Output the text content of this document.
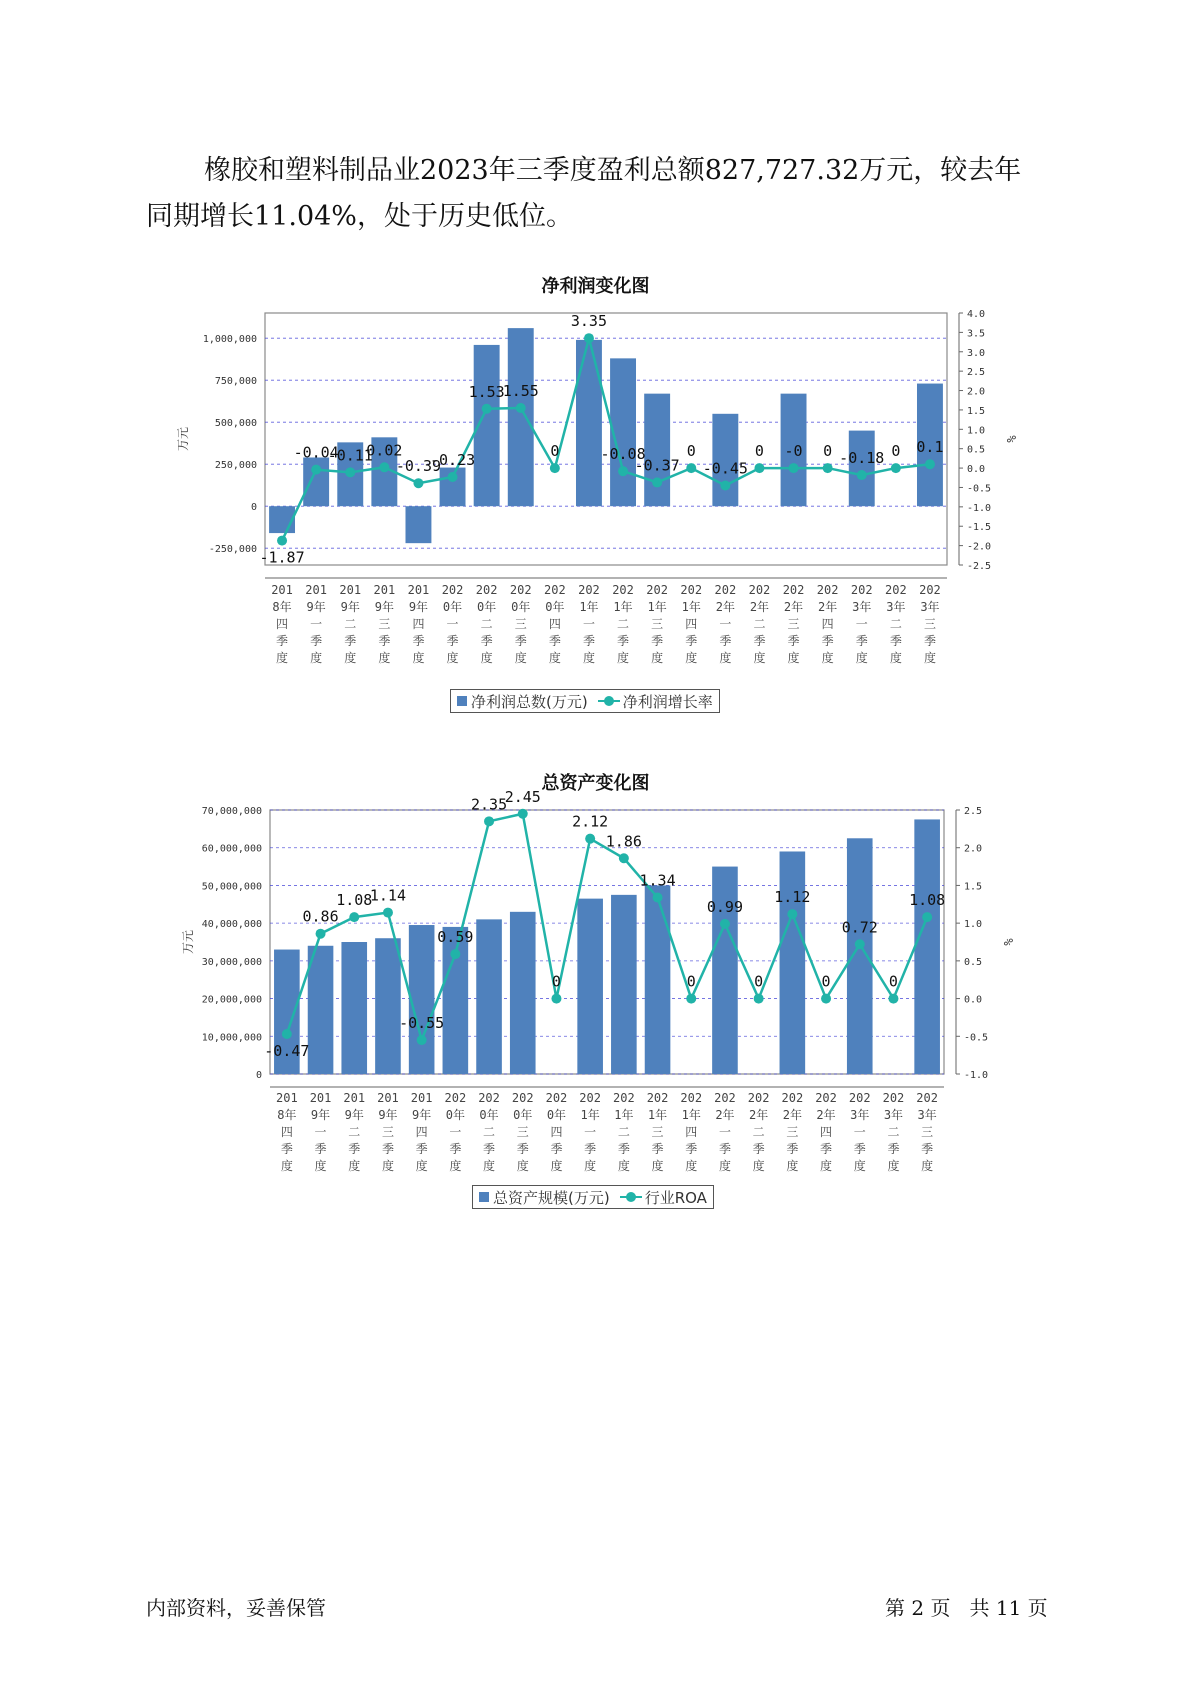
橡胶和塑料制品业2023年三季度盈利总额827,727.32万元，较去年同期增长11.04%，处于历史低位。
净利润变化图
-250,000
0
250,000
500,000
750,000
1,000,000
-2.5
-2.0
-1.5
-1.0
-0.5
0.0
0.5
1.0
1.5
2.0
2.5
3.0
3.5
4.0
万元	%
-1.87
-0.04
-0.11
0.02
-0.39
-0.23
1.53
1.55
0
3.35
-0.08
-0.37
0
-0.45
0 -0 0 -0.18 0 0.1
201 8年四季度
201 9年一季度
201 9年二季度
201 9年三季度
201 9年四季度
202 0年一季度
202 0年二季度
202 0年三季度
202 0年四季度
202 1年一季度
202 1年二季度
202 1年三季度
202 1年四季度
202 2年一季度
202 2年二季度
202 2年三季度
202 2年四季度
202 3年一季度
202 3年二季度
202 3年三季度
净利润总数(万元) 净利润增长率
总资产变化图
0
10,000,000
20,000,000
30,000,000
40,000,000
50,000,000
60,000,000
70,000,000
-1.0
-0.5
0.0
0.5
1.0
1.5
2.0
2.5
万元	%
-0.47
0.86
1.08
1.14
-0.55
0.59
2.35
2.45
0
2.12
1.86
1.34
0
0.99
0
1.12
0
0.72
0
1.08
201 8年四季度
201 9年一季度
201 9年二季度
201 9年三季度
201 9年四季度
202 0年一季度
202 0年二季度
202 0年三季度
202 0年四季度
202 1年一季度
202 1年二季度
202 1年三季度
202 1年四季度
202 2年一季度
202 2年二季度
202 2年三季度
202 2年四季度
202 3年一季度
202 3年二季度
202 3年三季度
总资产规模(万元) 行业ROA
内部资料，妥善保管	第 2 页   共 11 页
